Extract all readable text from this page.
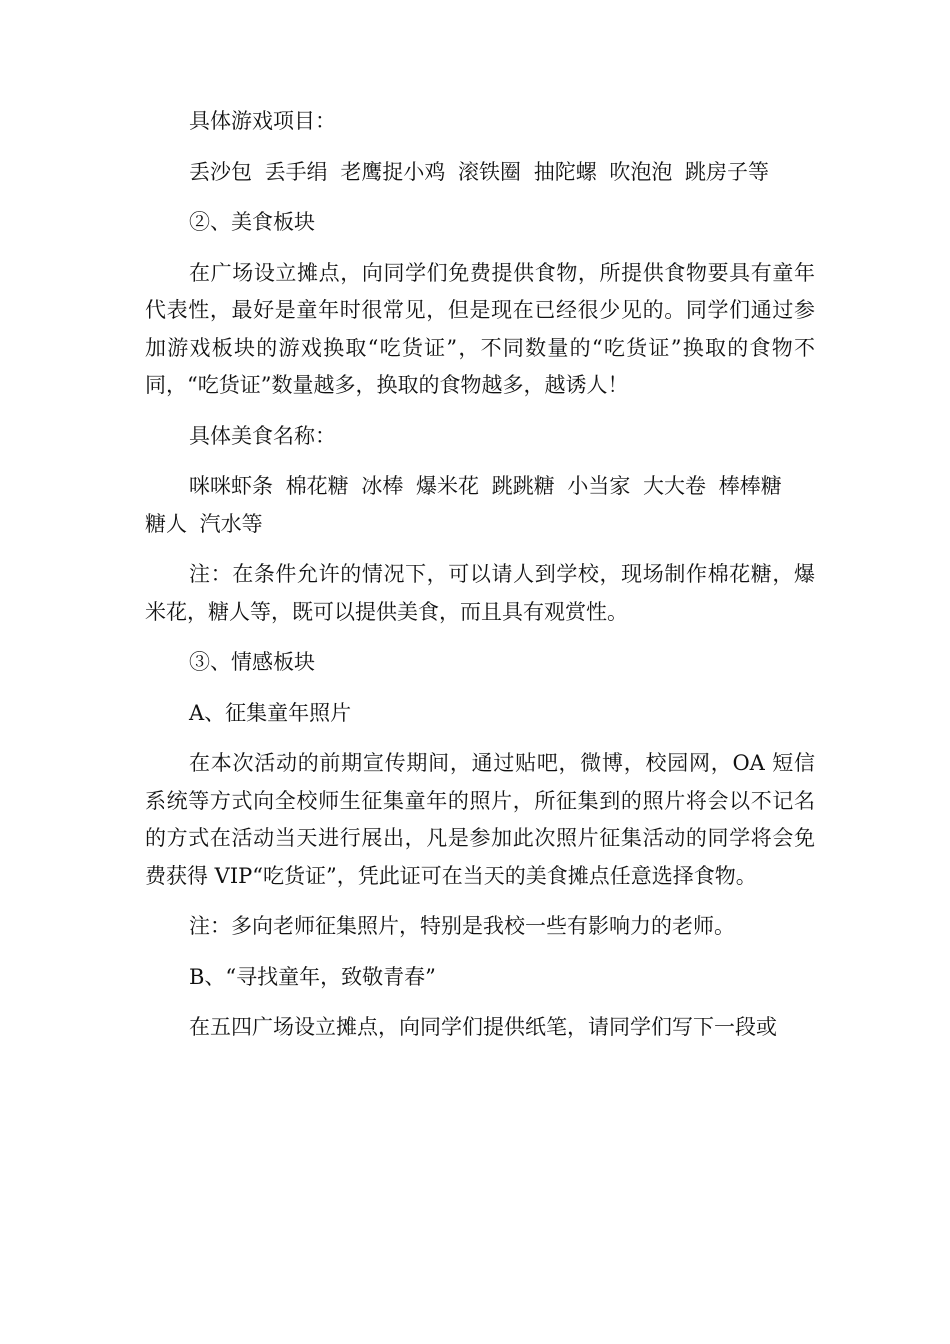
具体游戏项目：

丢沙包 丢手绢 老鹰捉小鸡 滚铁圈 抽陀螺 吹泡泡 跳房子等

②、美食板块

在广场设立摊点，向同学们免费提供食物，所提供食物要具有童年代表性，最好是童年时很常见，但是现在已经很少见的。同学们通过参加游戏板块的游戏换取“吃货证”，不同数量的“吃货证”换取的食物不同，“吃货证”数量越多，换取的食物越多，越诱人！

具体美食名称：

咪咪虾条 棉花糖 冰棒 爆米花 跳跳糖 小当家 大大卷 棒棒糖 糖人 汽水等

注：在条件允许的情况下，可以请人到学校，现场制作棉花糖，爆米花，糖人等，既可以提供美食，而且具有观赏性。

③、情感板块

A、征集童年照片

在本次活动的前期宣传期间，通过贴吧，微博，校园网，OA 短信系统等方式向全校师生征集童年的照片，所征集到的照片将会以不记名的方式在活动当天进行展出，凡是参加此次照片征集活动的同学将会免费获得 VIP“吃货证”，凭此证可在当天的美食摊点任意选择食物。

注：多向老师征集照片，特别是我校一些有影响力的老师。

B、“寻找童年，致敬青春”

在五四广场设立摊点，向同学们提供纸笔，请同学们写下一段或
